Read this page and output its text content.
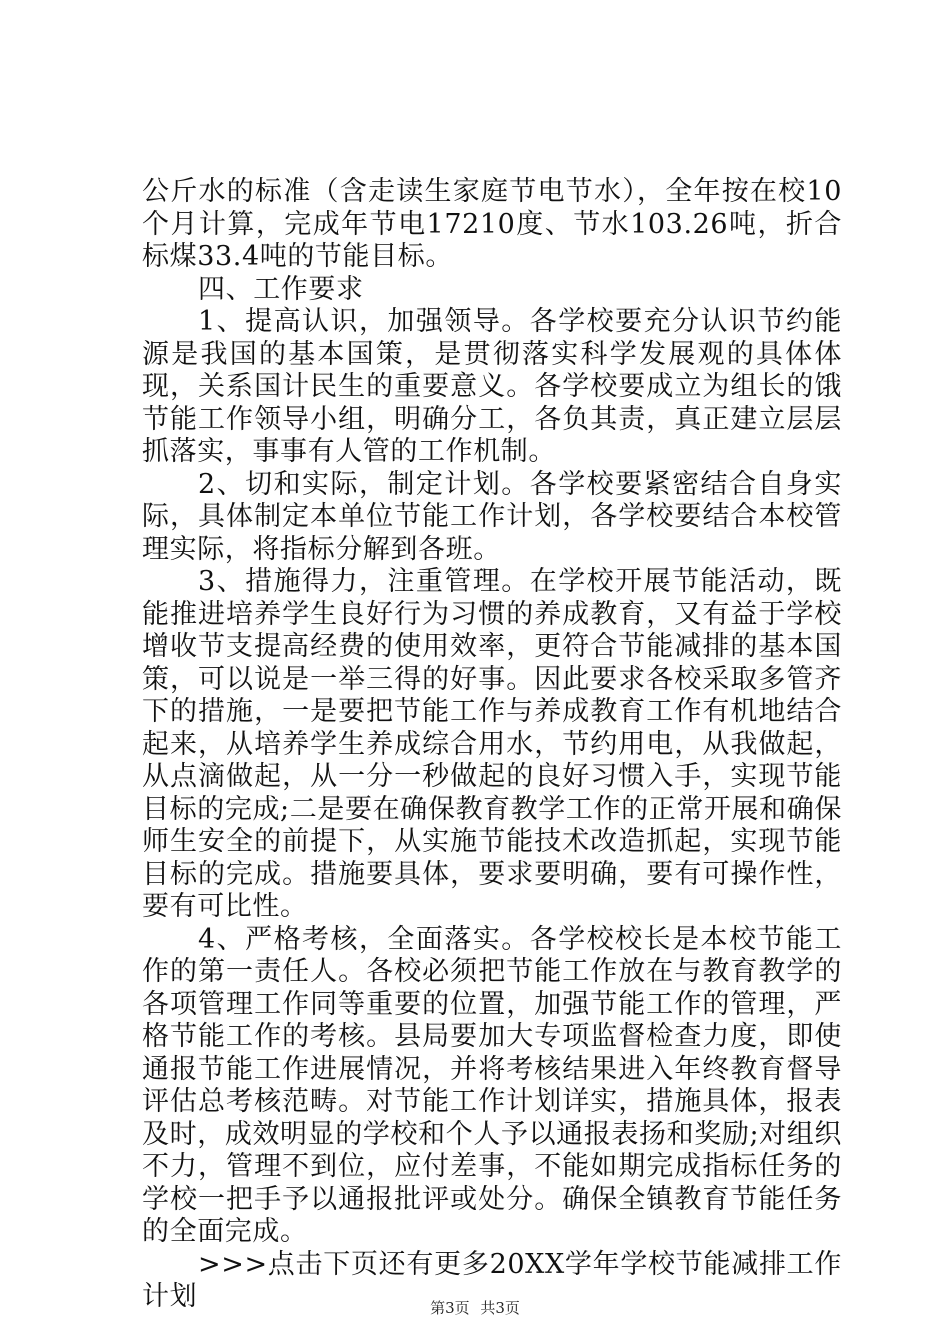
公斤水的标准（含走读生家庭节电节水），全年按在校10个月计算，完成年节电17210度、节水103.26吨，折合标煤33.4吨的节能目标。

四、工作要求

1、提高认识，加强领导。各学校要充分认识节约能源是我国的基本国策，是贯彻落实科学发展观的具体体现，关系国计民生的重要意义。各学校要成立为组长的饿节能工作领导小组，明确分工，各负其责，真正建立层层抓落实，事事有人管的工作机制。

2、切和实际，制定计划。各学校要紧密结合自身实际，具体制定本单位节能工作计划，各学校要结合本校管理实际，将指标分解到各班。

3、措施得力，注重管理。在学校开展节能活动，既能推进培养学生良好行为习惯的养成教育，又有益于学校增收节支提高经费的使用效率，更符合节能减排的基本国策，可以说是一举三得的好事。因此要求各校采取多管齐下的措施，一是要把节能工作与养成教育工作有机地结合起来，从培养学生养成综合用水，节约用电，从我做起，从点滴做起，从一分一秒做起的良好习惯入手，实现节能目标的完成;二是要在确保教育教学工作的正常开展和确保师生安全的前提下，从实施节能技术改造抓起，实现节能目标的完成。措施要具体，要求要明确，要有可操作性，要有可比性。

4、严格考核，全面落实。各学校校长是本校节能工作的第一责任人。各校必须把节能工作放在与教育教学的各项管理工作同等重要的位置，加强节能工作的管理，严格节能工作的考核。县局要加大专项监督检查力度，即使通报节能工作进展情况，并将考核结果进入年终教育督导评估总考核范畴。对节能工作计划详实，措施具体，报表及时，成效明显的学校和个人予以通报表扬和奖励;对组织不力，管理不到位，应付差事，不能如期完成指标任务的学校一把手予以通报批评或处分。确保全镇教育节能任务的全面完成。

>>>点击下页还有更多20XX学年学校节能减排工作计划	第3页 共3页
